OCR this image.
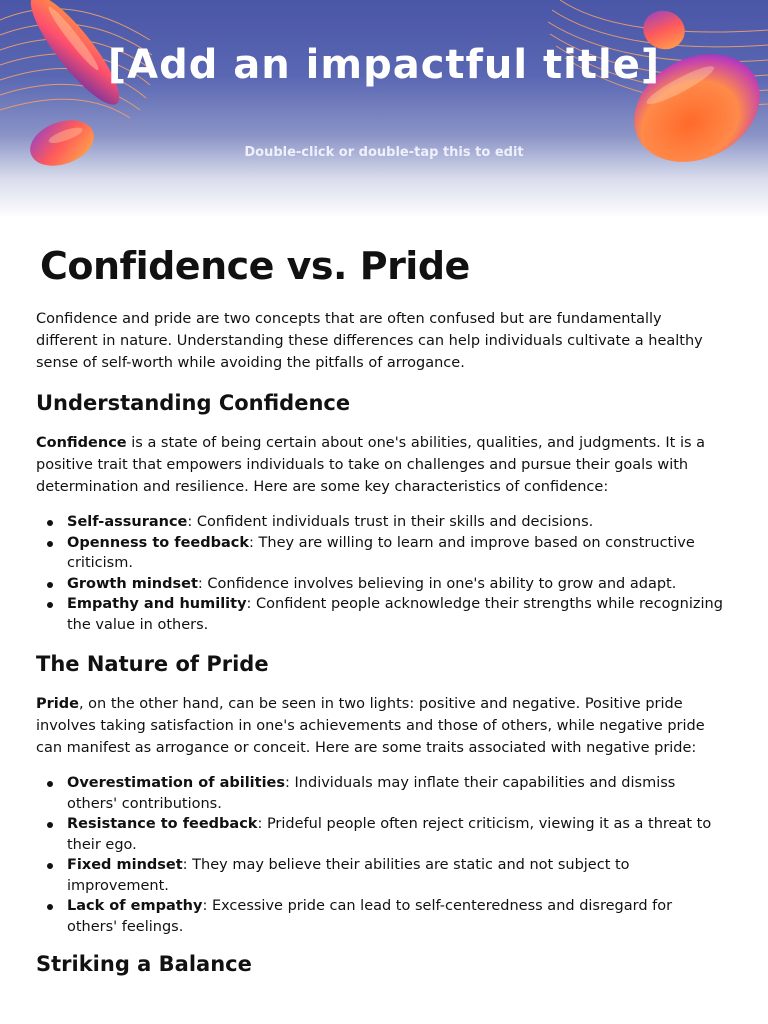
[Add an impactful title]
Double-click or double-tap this to edit
Confidence vs. Pride

Confidence and pride are two concepts that are often confused but are fundamentally different in nature. Understanding these differences can help individuals cultivate a healthy sense of self-worth while avoiding the pitfalls of arrogance.

Understanding Confidence

Confidence is a state of being certain about one's abilities, qualities, and judgments. It is a positive trait that empowers individuals to take on challenges and pursue their goals with determination and resilience. Here are some key characteristics of confidence:

Self-assurance: Confident individuals trust in their skills and decisions.
Openness to feedback: They are willing to learn and improve based on constructive criticism.
Growth mindset: Confidence involves believing in one's ability to grow and adapt.
Empathy and humility: Confident people acknowledge their strengths while recognizing the value in others.
The Nature of Pride

Pride, on the other hand, can be seen in two lights: positive and negative. Positive pride involves taking satisfaction in one's achievements and those of others, while negative pride can manifest as arrogance or conceit. Here are some traits associated with negative pride:

Overestimation of abilities: Individuals may inflate their capabilities and dismiss others' contributions.
Resistance to feedback: Prideful people often reject criticism, viewing it as a threat to their ego.
Fixed mindset: They may believe their abilities are static and not subject to improvement.
Lack of empathy: Excessive pride can lead to self-centeredness and disregard for others' feelings.
Striking a Balance
